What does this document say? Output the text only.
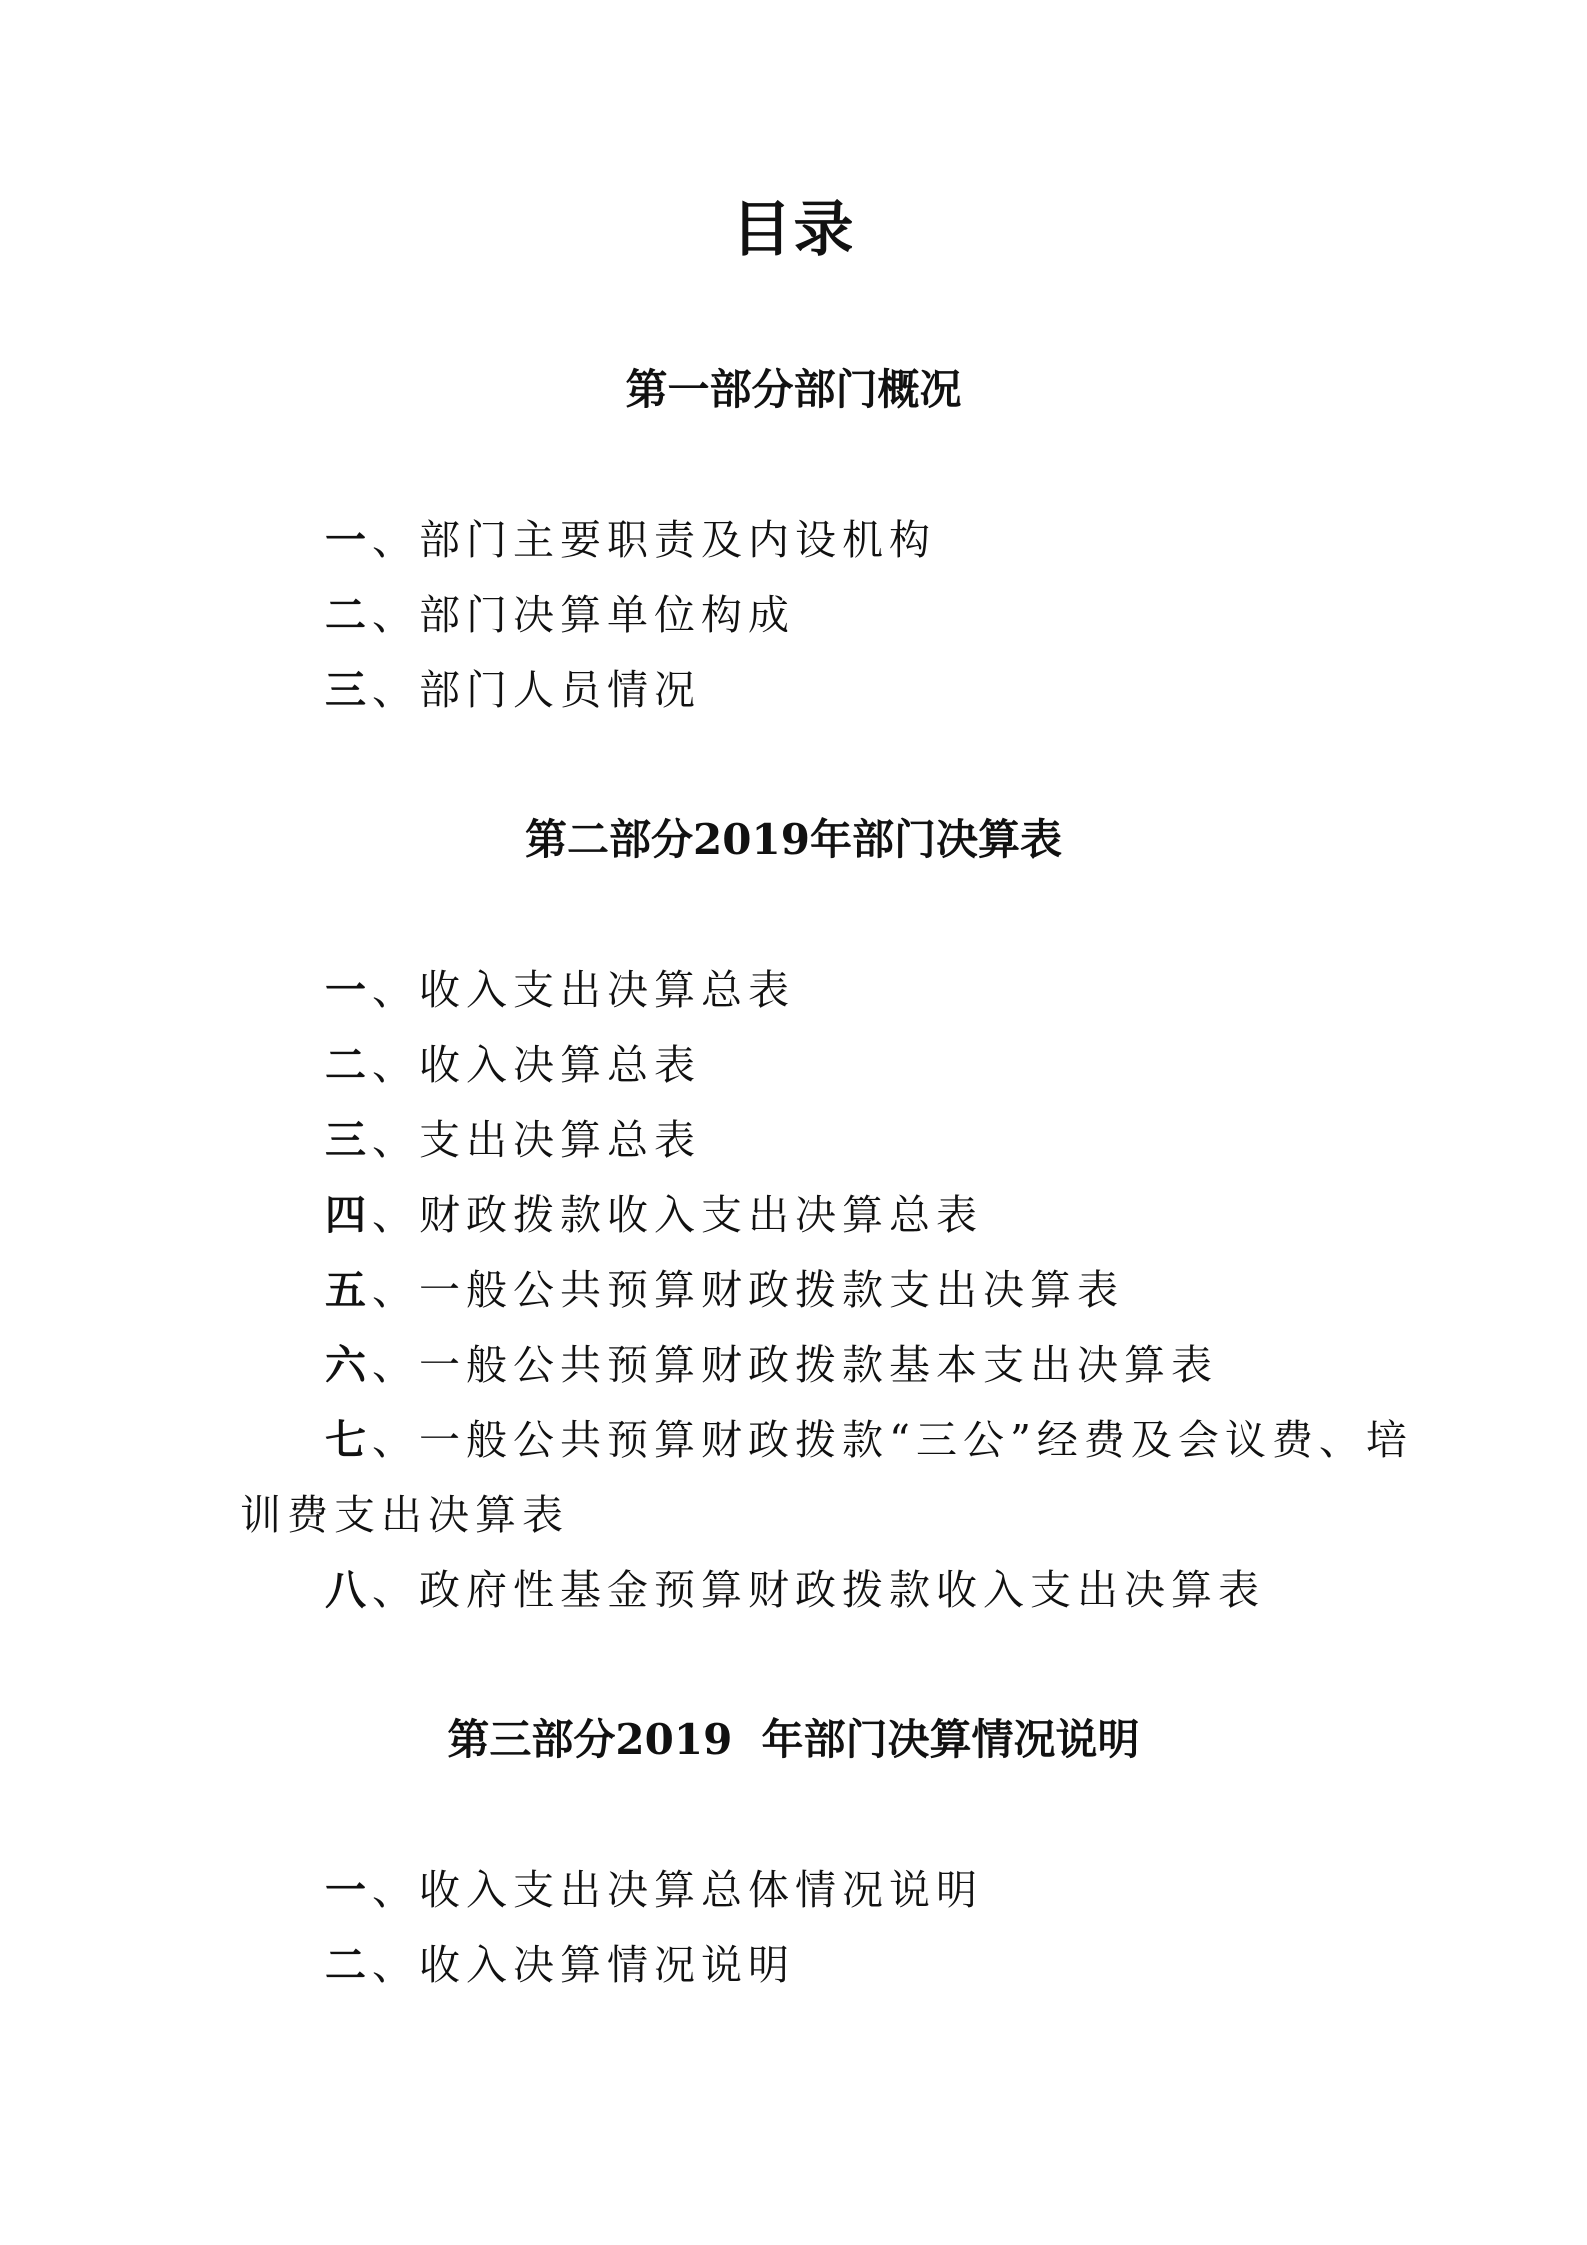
目录
第一部分部门概况
一、部门主要职责及内设机构
二、部门决算单位构成
三、部门人员情况
第二部分2019年部门决算表
一、收入支出决算总表
二、收入决算总表
三、支出决算总表
四、财政拨款收入支出决算总表
五、一般公共预算财政拨款支出决算表
六、一般公共预算财政拨款基本支出决算表
七、一般公共预算财政拨款“三公”经费及会议费、培
训费支出决算表
八、政府性基金预算财政拨款收入支出决算表
第三部分2019  年部门决算情况说明
一、收入支出决算总体情况说明
二、收入决算情况说明
